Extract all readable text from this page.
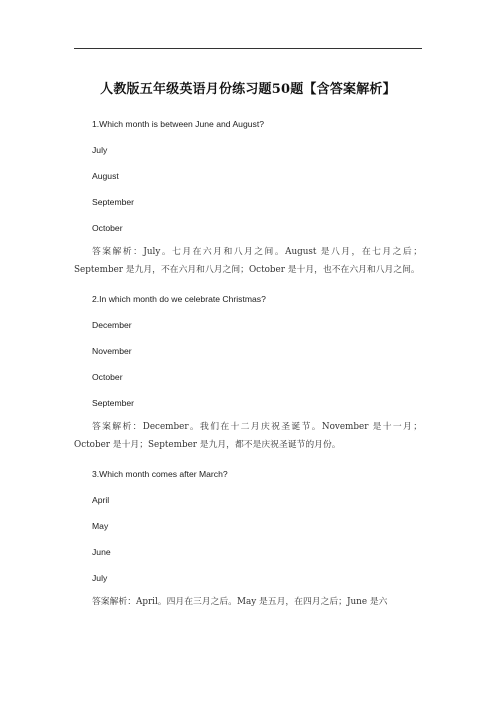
人教版五年级英语月份练习题50题【含答案解析】
1.Which month is between June and August?
July
August
September
October
答案解析：July。七月在六月和八月之间。August 是八月，在七月之后；September 是九月，不在六月和八月之间；October 是十月，也不在六月和八月之间。
2.In which month do we celebrate Christmas?
December
November
October
September
答案解析：December。我们在十二月庆祝圣诞节。November 是十一月；October 是十月；September 是九月，都不是庆祝圣诞节的月份。
3.Which month comes after March?
April
May
June
July
答案解析：April。四月在三月之后。May 是五月，在四月之后；June 是六
